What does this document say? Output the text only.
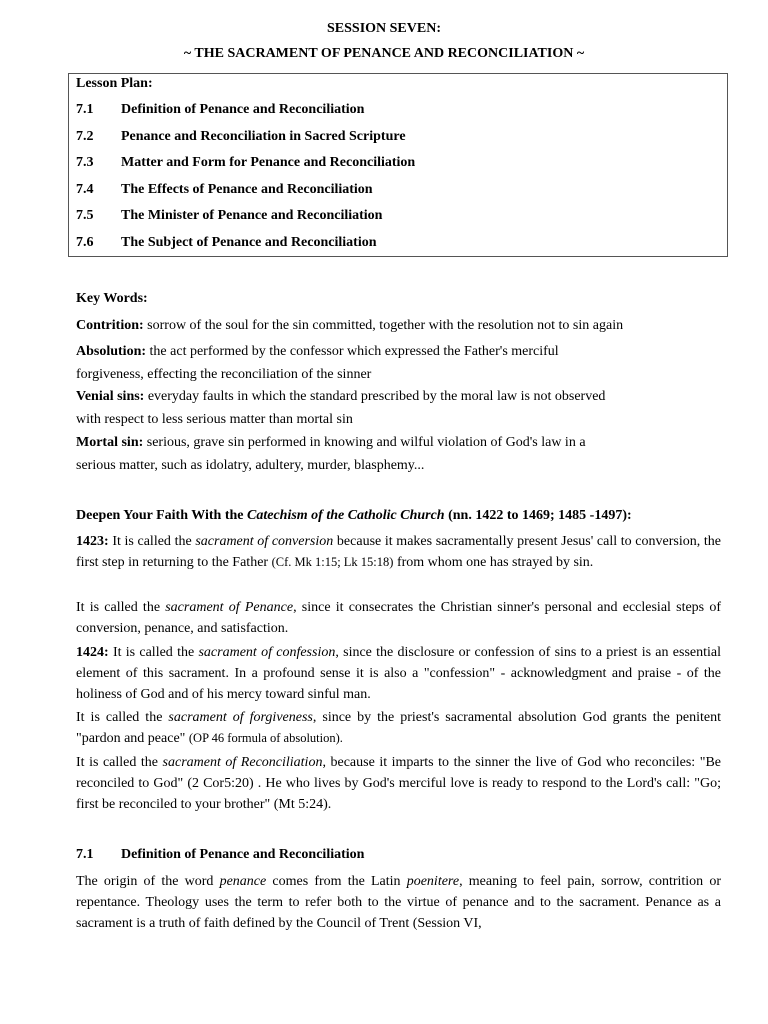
SESSION SEVEN:
~ THE SACRAMENT OF PENANCE AND RECONCILIATION ~
Lesson Plan:
7.1 Definition of Penance and Reconciliation
7.2 Penance and Reconciliation in Sacred Scripture
7.3 Matter and Form for Penance and Reconciliation
7.4 The Effects of Penance and Reconciliation
7.5 The Minister of Penance and Reconciliation
7.6 The Subject of Penance and Reconciliation
Key Words:
Contrition: sorrow of the soul for the sin committed, together with the resolution not to sin again
Absolution: the act performed by the confessor which expressed the Father's merciful
forgiveness, effecting the reconciliation of the sinner
Venial sins: everyday faults in which the standard prescribed by the moral law is not observed
with respect to less serious matter than mortal sin
Mortal sin: serious, grave sin performed in knowing and wilful violation of God's law in a
serious matter, such as idolatry, adultery, murder, blasphemy...
Deepen Your Faith With the Catechism of the Catholic Church (nn. 1422 to 1469; 1485 -1497):
1423: It is called the sacrament of conversion because it makes sacramentally present Jesus' call to conversion, the first step in returning to the Father (Cf. Mk 1:15; Lk 15:18) from whom one has strayed by sin.
It is called the sacrament of Penance, since it consecrates the Christian sinner's personal and ecclesial steps of conversion, penance, and satisfaction.
1424: It is called the sacrament of confession, since the disclosure or confession of sins to a priest is an essential element of this sacrament. In a profound sense it is also a "confession" - acknowledgment and praise - of the holiness of God and of his mercy toward sinful man.
It is called the sacrament of forgiveness, since by the priest's sacramental absolution God grants the penitent "pardon and peace" (OP 46 formula of absolution).
It is called the sacrament of Reconciliation, because it imparts to the sinner the live of God who reconciles: "Be reconciled to God" (2 Cor5:20) . He who lives by God's merciful love is ready to respond to the Lord's call: "Go; first be reconciled to your brother" (Mt 5:24).
7.1 Definition of Penance and Reconciliation
The origin of the word penance comes from the Latin poenitere, meaning to feel pain, sorrow, contrition or repentance. Theology uses the term to refer both to the virtue of penance and to the sacrament. Penance as a sacrament is a truth of faith defined by the Council of Trent (Session VI,
